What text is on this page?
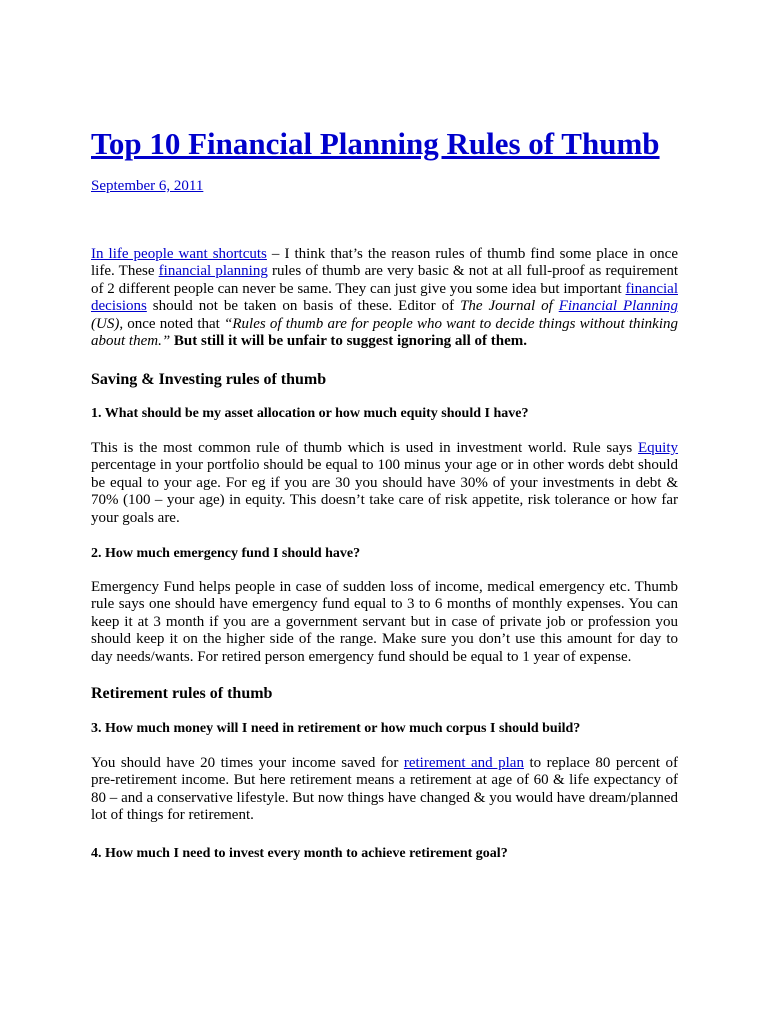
Top 10 Financial Planning Rules of Thumb
September 6, 2011

In life people want shortcuts – I think that’s the reason rules of thumb find some place in once life. These financial planning rules of thumb are very basic & not at all full-proof as requirement of 2 different people can never be same. They can just give you some idea but important financial decisions should not be taken on basis of these. Editor of The Journal of Financial Planning (US), once noted that “Rules of thumb are for people who want to decide things without thinking about them.” But still it will be unfair to suggest ignoring all of them.

Saving & Investing rules of thumb
1. What should be my asset allocation or how much equity should I have?

This is the most common rule of thumb which is used in investment world. Rule says Equity percentage in your portfolio should be equal to 100 minus your age or in other words debt should be equal to your age. For eg if you are 30 you should have 30% of your investments in debt & 70% (100 – your age) in equity. This doesn’t take care of risk appetite, risk tolerance or how far your goals are.

2. How much emergency fund I should have?

Emergency Fund helps people in case of sudden loss of income, medical emergency etc. Thumb rule says one should have emergency fund equal to 3 to 6 months of monthly expenses. You can keep it at 3 month if you are a government servant but in case of private job or profession you should keep it on the higher side of the range. Make sure you don’t use this amount for day to day needs/wants. For retired person emergency fund should be equal to 1 year of expense.

Retirement rules of thumb
3. How much money will I need in retirement or how much corpus I should build?

You should have 20 times your income saved for retirement and plan to replace 80 percent of pre-retirement income. But here retirement means a retirement at age of 60 & life expectancy of 80 – and a conservative lifestyle. But now things have changed & you would have dream/planned lot of things for retirement.

4. How much I need to invest every month to achieve retirement goal?
